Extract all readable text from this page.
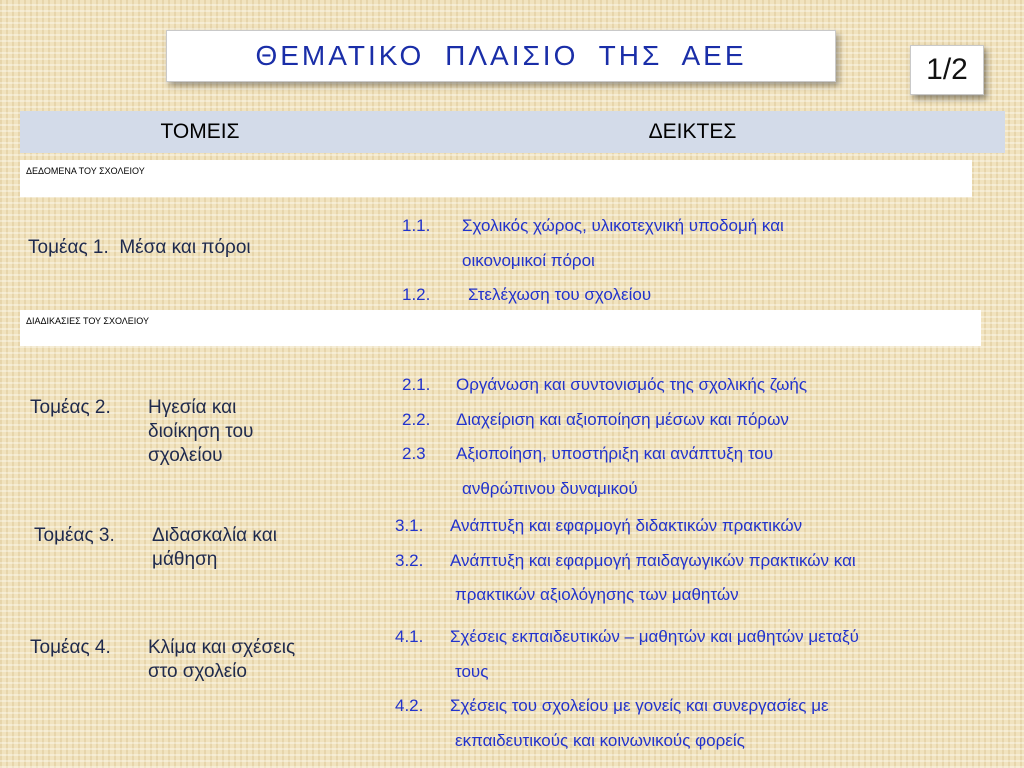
ΘΕΜΑΤΙΚΟ ΠΛΑΙΣΙΟ ΤΗΣ ΑΕΕ	1/2
ΤΟΜΕΙΣ	ΔΕΙΚΤΕΣ
ΔΕΔΟΜΕΝΑ ΤΟΥ ΣΧΟΛΕΙΟΥ
ΔΙΑΔΙΚΑΣΙΕΣ ΤΟΥ ΣΧΟΛΕΙΟΥ
Τομέας 1. Μέσα και πόροι
Τομέας 2. Ηγεσία και
διοίκηση του
σχολείου
Τομέας 3. Διδασκαλία και
μάθηση
Τομέας 4. Κλίμα και σχέσεις
στο σχολείο
1.1. Σχολικός χώρος, υλικοτεχνική υποδομή και
οικονομικοί πόροι
1.2. Στελέχωση του σχολείου
2.1. Οργάνωση και συντονισμός της σχολικής ζωής
2.2. Διαχείριση και αξιοποίηση μέσων και πόρων
2.3 Αξιοποίηση, υποστήριξη και ανάπτυξη του
ανθρώπινου δυναμικού
3.1. Ανάπτυξη και εφαρμογή διδακτικών πρακτικών
3.2. Ανάπτυξη και εφαρμογή παιδαγωγικών πρακτικών και
πρακτικών αξιολόγησης των μαθητών
4.1. Σχέσεις εκπαιδευτικών – μαθητών και μαθητών μεταξύ
τους
4.2. Σχέσεις του σχολείου με γονείς και συνεργασίες με
εκπαιδευτικούς και κοινωνικούς φορείς
